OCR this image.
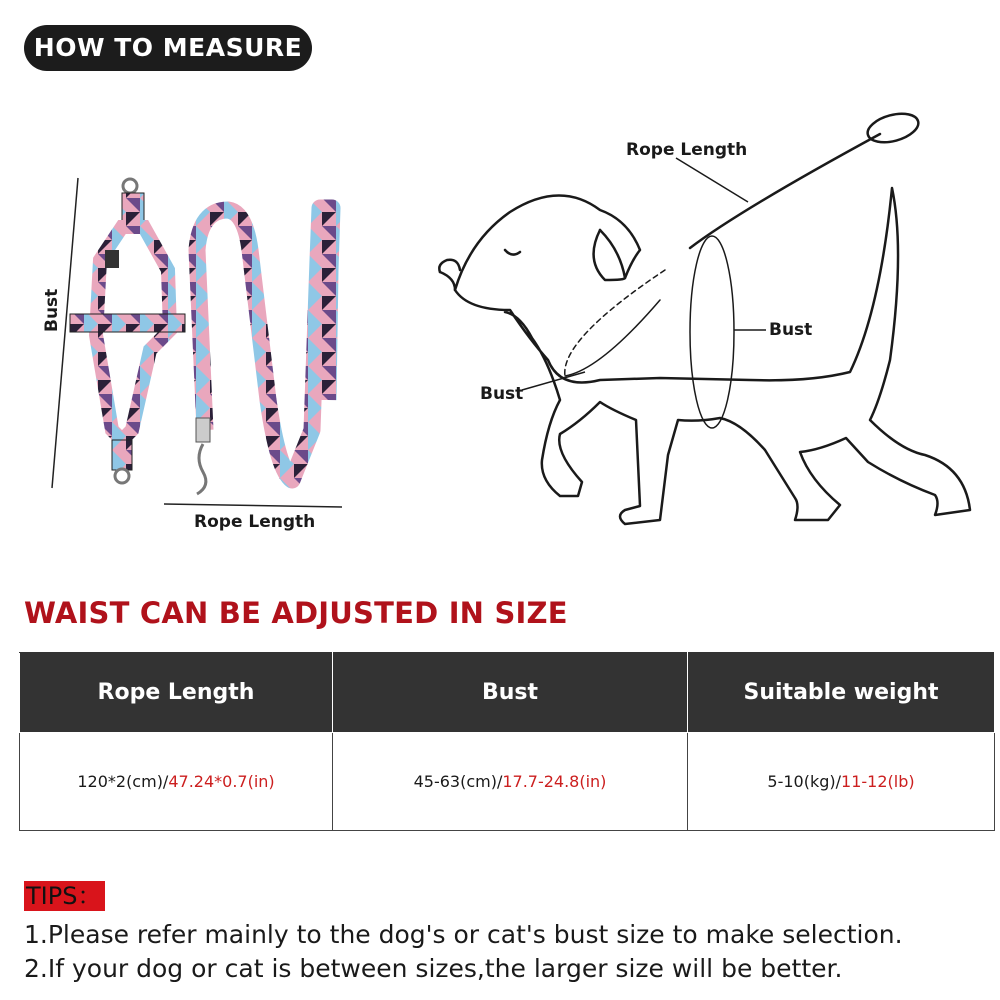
HOW TO MEASURE
Bust
Rope Length
Rope Length
Bust
Bust
WAIST CAN BE ADJUSTED IN SIZE
Rope Length	Bust	Suitable weight
120*2(cm)/47.24*0.7(in)	45-63(cm)/17.7-24.8(in)	5-10(kg)/11-12(lb)
TIPS：
1.Please refer mainly to the dog's or cat's bust size to make selection.
2.If your dog or cat is between sizes,the larger size will be better.
